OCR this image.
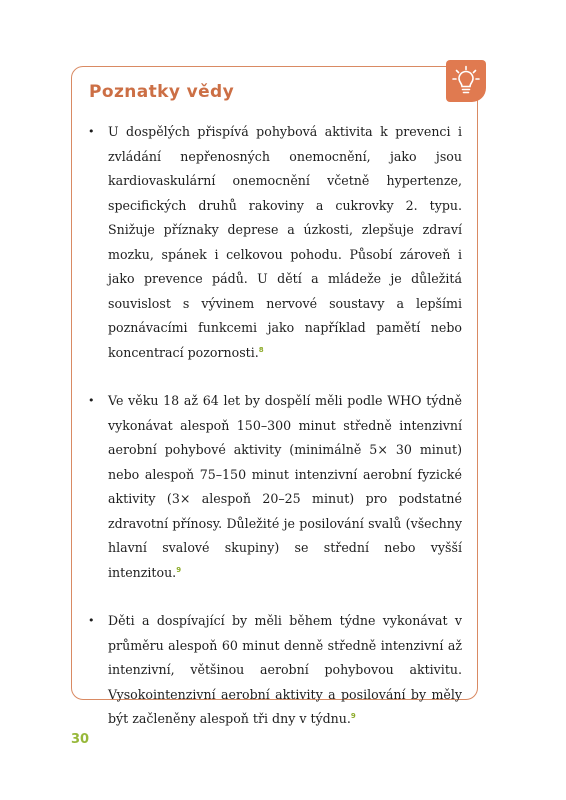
Poznatky vědy
• U dospělých přispívá pohybová aktivita k prevenci i zvládání nepřenosných onemocnění, jako jsou kardiovaskulární onemocnění včetně hypertenze, specifických druhů rakoviny a cukrovky 2. typu. Snižuje příznaky deprese a úzkosti, zlepšuje zdraví mozku, spánek i celkovou pohodu. Působí zároveň i jako prevence pádů. U dětí a mládeže je důležitá souvislost s vývinem nervové soustavy a lepšími poznávacími funkcemi jako například pamětí nebo koncentrací pozornosti.$^8$
• Ve věku 18 až 64 let by dospělí měli podle WHO týdně vykonávat alespoň 150–300 minut středně intenzivní aerobní pohybové aktivity (minimálně 5× 30 minut) nebo alespoň 75–150 minut intenzivní aerobní fyzické aktivity (3× alespoň 20–25 minut) pro podstatné zdravotní přínosy. Důležité je posilování svalů (všechny hlavní svalové skupiny) se střední nebo vyšší intenzitou.$^9$
• Děti a dospívající by měli během týdne vykonávat v průměru alespoň 60 minut denně středně intenzivní až intenzivní, většinou aerobní pohybovou aktivitu. Vysokointenzivní aerobní aktivity a posilování by měly být začleněny alespoň tři dny v týdnu.$^9$
30
